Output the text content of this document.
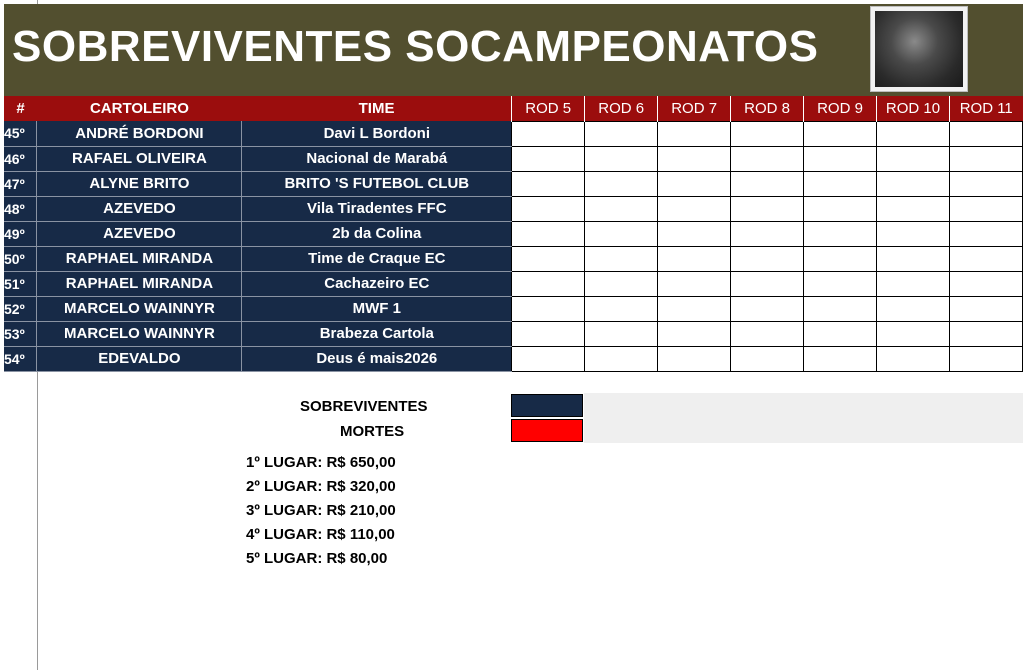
SOBREVIVENTES SOCAMPEONATOS
#	CARTOLEIRO	TIME	ROD 5	ROD 6	ROD 7	ROD 8	ROD 9	ROD 10	ROD 11
45º	ANDRÉ BORDONI	Davi L Bordoni							
46º	RAFAEL OLIVEIRA	Nacional de Marabá							
47º	ALYNE BRITO	BRITO 'S FUTEBOL CLUB							
48º	AZEVEDO	Vila Tiradentes FFC							
49º	AZEVEDO	2b da Colina							
50º	RAPHAEL MIRANDA	Time de Craque EC							
51º	RAPHAEL MIRANDA	Cachazeiro EC							
52º	MARCELO WAINNYR	MWF 1							
53º	MARCELO WAINNYR	Brabeza Cartola							
54º	EDEVALDO	Deus é mais2026							
SOBREVIVENTES
MORTES
1º LUGAR: R$ 650,00
2º LUGAR: R$ 320,00
3º LUGAR: R$ 210,00
4º LUGAR: R$ 110,00
5º LUGAR: R$ 80,00
